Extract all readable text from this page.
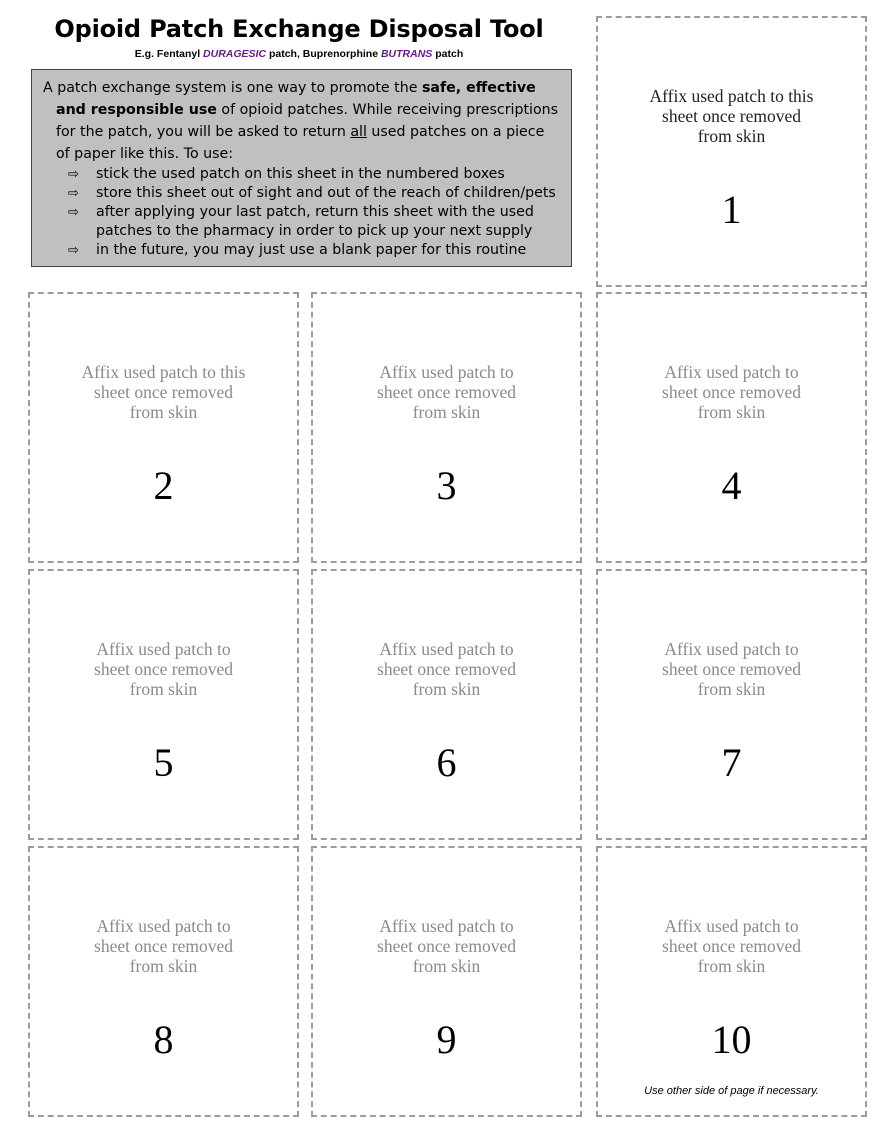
Opioid Patch Exchange Disposal Tool
E.g. Fentanyl DURAGESIC patch, Buprenorphine BUTRANS patch

A patch exchange system is one way to promote the safe, effective and responsible use of opioid patches. While receiving prescriptions for the patch, you will be asked to return all used patches on a piece of paper like this. To use:

⇨ stick the used patch on this sheet in the numbered boxes
⇨ store this sheet out of sight and out of the reach of children/pets
⇨ after applying your last patch, return this sheet with the used patches to the pharmacy in order to pick up your next supply
⇨ in the future, you may just use a blank paper for this routine
Affix used patch to this
sheet once removed
from skin
1
Affix used patch to this
sheet once removed
from skin
2
Affix used patch to
sheet once removed
from skin
3
Affix used patch to
sheet once removed
from skin
4
Affix used patch to
sheet once removed
from skin
5
Affix used patch to
sheet once removed
from skin
6
Affix used patch to
sheet once removed
from skin
7
Affix used patch to
sheet once removed
from skin
8
Affix used patch to
sheet once removed
from skin
9
Affix used patch to
sheet once removed
from skin
10
Use other side of page if necessary.
